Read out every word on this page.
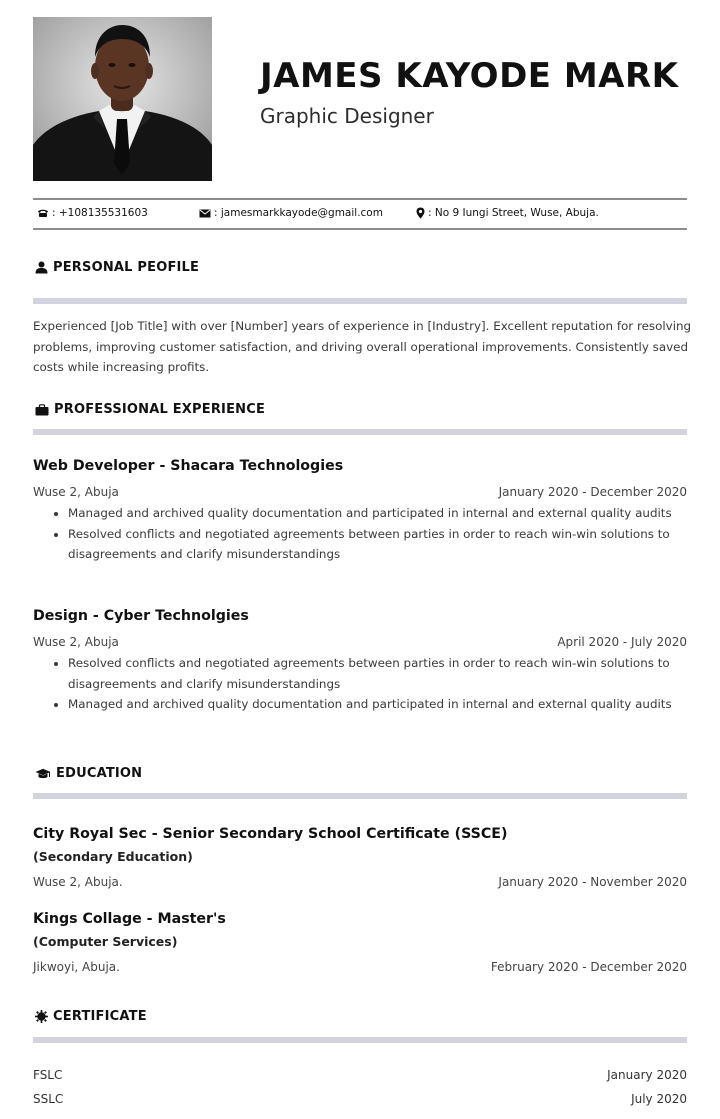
JAMES KAYODE MARK
Graphic Designer
: +108135531603	: jamesmarkkayode@gmail.com	: No 9 Iungi Street, Wuse, Abuja.
PERSONAL PEOFILE
Experienced [Job Title] with over [Number] years of experience in [Industry]. Excellent reputation for resolving problems, improving customer satisfaction, and driving overall operational improvements. Consistently saved costs while increasing profits.
PROFESSIONAL EXPERIENCE
Web Developer - Shacara Technologies
Wuse 2, Abuja	January 2020 - December 2020
• Managed and archived quality documentation and participated in internal and external quality audits
• Resolved conflicts and negotiated agreements between parties in order to reach win-win solutions to disagreements and clarify misunderstandings
Design - Cyber Technolgies
Wuse 2, Abuja	April 2020 - July 2020
• Resolved conflicts and negotiated agreements between parties in order to reach win-win solutions to disagreements and clarify misunderstandings
• Managed and archived quality documentation and participated in internal and external quality audits
EDUCATION
City Royal Sec - Senior Secondary School Certificate (SSCE)
(Secondary Education)
Wuse 2, Abuja.	January 2020 - November 2020
Kings Collage - Master's
(Computer Services)
Jikwoyi, Abuja.	February 2020 - December 2020
CERTIFICATE
FSLC	January 2020
SSLC	July 2020
